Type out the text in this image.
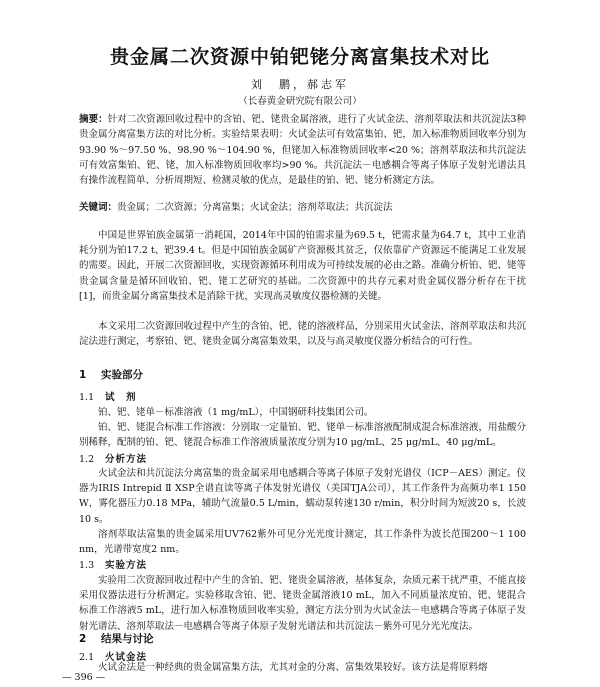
贵金属二次资源中铂钯铑分离富集技术对比
刘　鹏，郝志军
（长春黄金研究院有限公司）

摘要：针对二次资源回收过程中的含铂、钯、铑贵金属溶液，进行了火试金法、溶剂萃取法和共沉淀法3种贵金属分离富集方法的对比分析。实验结果表明：火试金法可有效富集铂、钯，加入标准物质回收率分别为93.90 %～97.50 %、98.90 %～104.90 %，但铑加入标准物质回收率<20 %；溶剂萃取法和共沉淀法可有效富集铂、钯、铑，加入标准物质回收率均>90 %。共沉淀法－电感耦合等离子体原子发射光谱法具有操作流程简单、分析周期短、检测灵敏的优点，是最佳的铂、钯、铑分析测定方法。

关键词：贵金属；二次资源；分离富集；火试金法；溶剂萃取法；共沉淀法

中国是世界铂族金属第一消耗国，2014年中国的铂需求量为69.5 t，钯需求量为64.7 t，其中工业消耗分别为铂17.2 t、钯39.4 t。但是中国铂族金属矿产资源极其贫乏，仅依靠矿产资源远不能满足工业发展的需要。因此，开展二次资源回收，实现资源循环利用成为可持续发展的必由之路。准确分析铂、钯、铑等贵金属含量是循环回收铂、钯、铑工艺研究的基础。二次资源中的共存元素对贵金属仪器分析存在干扰[1]，而贵金属分离富集技术是消除干扰，实现高灵敏度仪器检测的关键。

本文采用二次资源回收过程中产生的含铂、钯、铑的溶液样品，分别采用火试金法、溶剂萃取法和共沉淀法进行测定，考察铂、钯、铑贵金属分离富集效果，以及与高灵敏度仪器分析结合的可行性。

1 实验部分
1.1 试　剂

铂、钯、铑单－标准溶液（1 mg/mL），中国钢研科技集团公司。

铂、钯、铑混合标准工作溶液：分别取一定量铂、钯、铑单－标准溶液配制成混合标准溶液，用盐酸分别稀释，配制的铂、钯、铑混合标准工作溶液质量浓度分别为10 μg/mL、25 μg/mL、40 μg/mL。

1.2 分析方法

火试金法和共沉淀法分离富集的贵金属采用电感耦合等离子体原子发射光谱仪（ICP－AES）测定。仪器为IRIS Intrepid Ⅱ XSP全谱直读等离子体发射光谱仪（美国TJA公司），其工作条件为高频功率1 150 W，雾化器压力0.18 MPa，辅助气流量0.5 L/min，蠕动泵转速130 r/min，积分时间为短波20 s，长波10 s。

溶剂萃取法富集的贵金属采用UV762紫外可见分光光度计测定，其工作条件为波长范围200～1 100 nm，光谱带宽度2 nm。

1.3 实验方法

实验用二次资源回收过程中产生的含铂、钯、铑贵金属溶液，基体复杂，杂质元素干扰严重，不能直接采用仪器法进行分析测定。实验移取含铂、钯、铑贵金属溶液10 mL，加入不同质量浓度铂、钯、铑混合标准工作溶液5 mL，进行加入标准物质回收率实验，测定方法分别为火试金法－电感耦合等离子体原子发射光谱法、溶剂萃取法－电感耦合等离子体原子发射光谱法和共沉淀法－紫外可见分光光度法。

2 结果与讨论
2.1 火试金法

火试金法是一种经典的贵金属富集方法，尤其对金的分离、富集效果较好。该方法是将原料熔

— 396 —
